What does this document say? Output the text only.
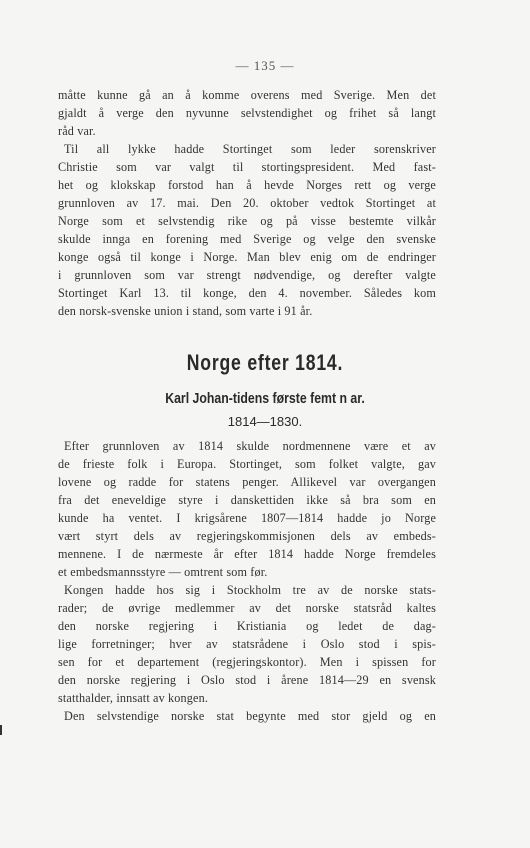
— 135 —
måtte kunne gå an å komme overens med Sverige. Men det
gjaldt å verge den nyvunne selvstendighet og frihet så langt
råd var.
Til all lykke hadde Stortinget som leder sorenskriver
Christie som var valgt til stortingspresident. Med fast-
het og klokskap forstod han å hevde Norges rett og verge
grunnloven av 17. mai. Den 20. oktober vedtok Stortinget at
Norge som et selvstendig rike og på visse bestemte vilkår
skulde innga en forening med Sverige og velge den svenske
konge også til konge i Norge. Man blev enig om de endringer
i grunnloven som var strengt nødvendige, og derefter valgte
Stortinget Karl 13. til konge, den 4. november. Således kom
den norsk-svenske union i stand, som varte i 91 år.
Norge efter 1814.
Karl Johan-tidens første femt n ar.
1814—1830.
Efter grunnloven av 1814 skulde nordmennene være et av
de frieste folk i Europa. Stortinget, som folket valgte, gav
lovene og radde for statens penger. Allikevel var overgangen
fra det eneveldige styre i danskettiden ikke så bra som en
kunde ha ventet. I krigsårene 1807—1814 hadde jo Norge
vært styrt dels av regjeringskommisjonen dels av embeds-
mennene. I de nærmeste år efter 1814 hadde Norge fremdeles
et embedsmannsstyre — omtrent som før.
Kongen hadde hos sig i Stockholm tre av de norske stats-
rader; de øvrige medlemmer av det norske statsråd kaltes
den norske regjering i Kristiania og ledet de dag-
lige forretninger; hver av statsrådene i Oslo stod i spis-
sen for et departement (regjeringskontor). Men i spissen for
den norske regjering i Oslo stod i årene 1814—29 en svensk
statthalder, innsatt av kongen.
Den selvstendige norske stat begynte med stor gjeld og en
